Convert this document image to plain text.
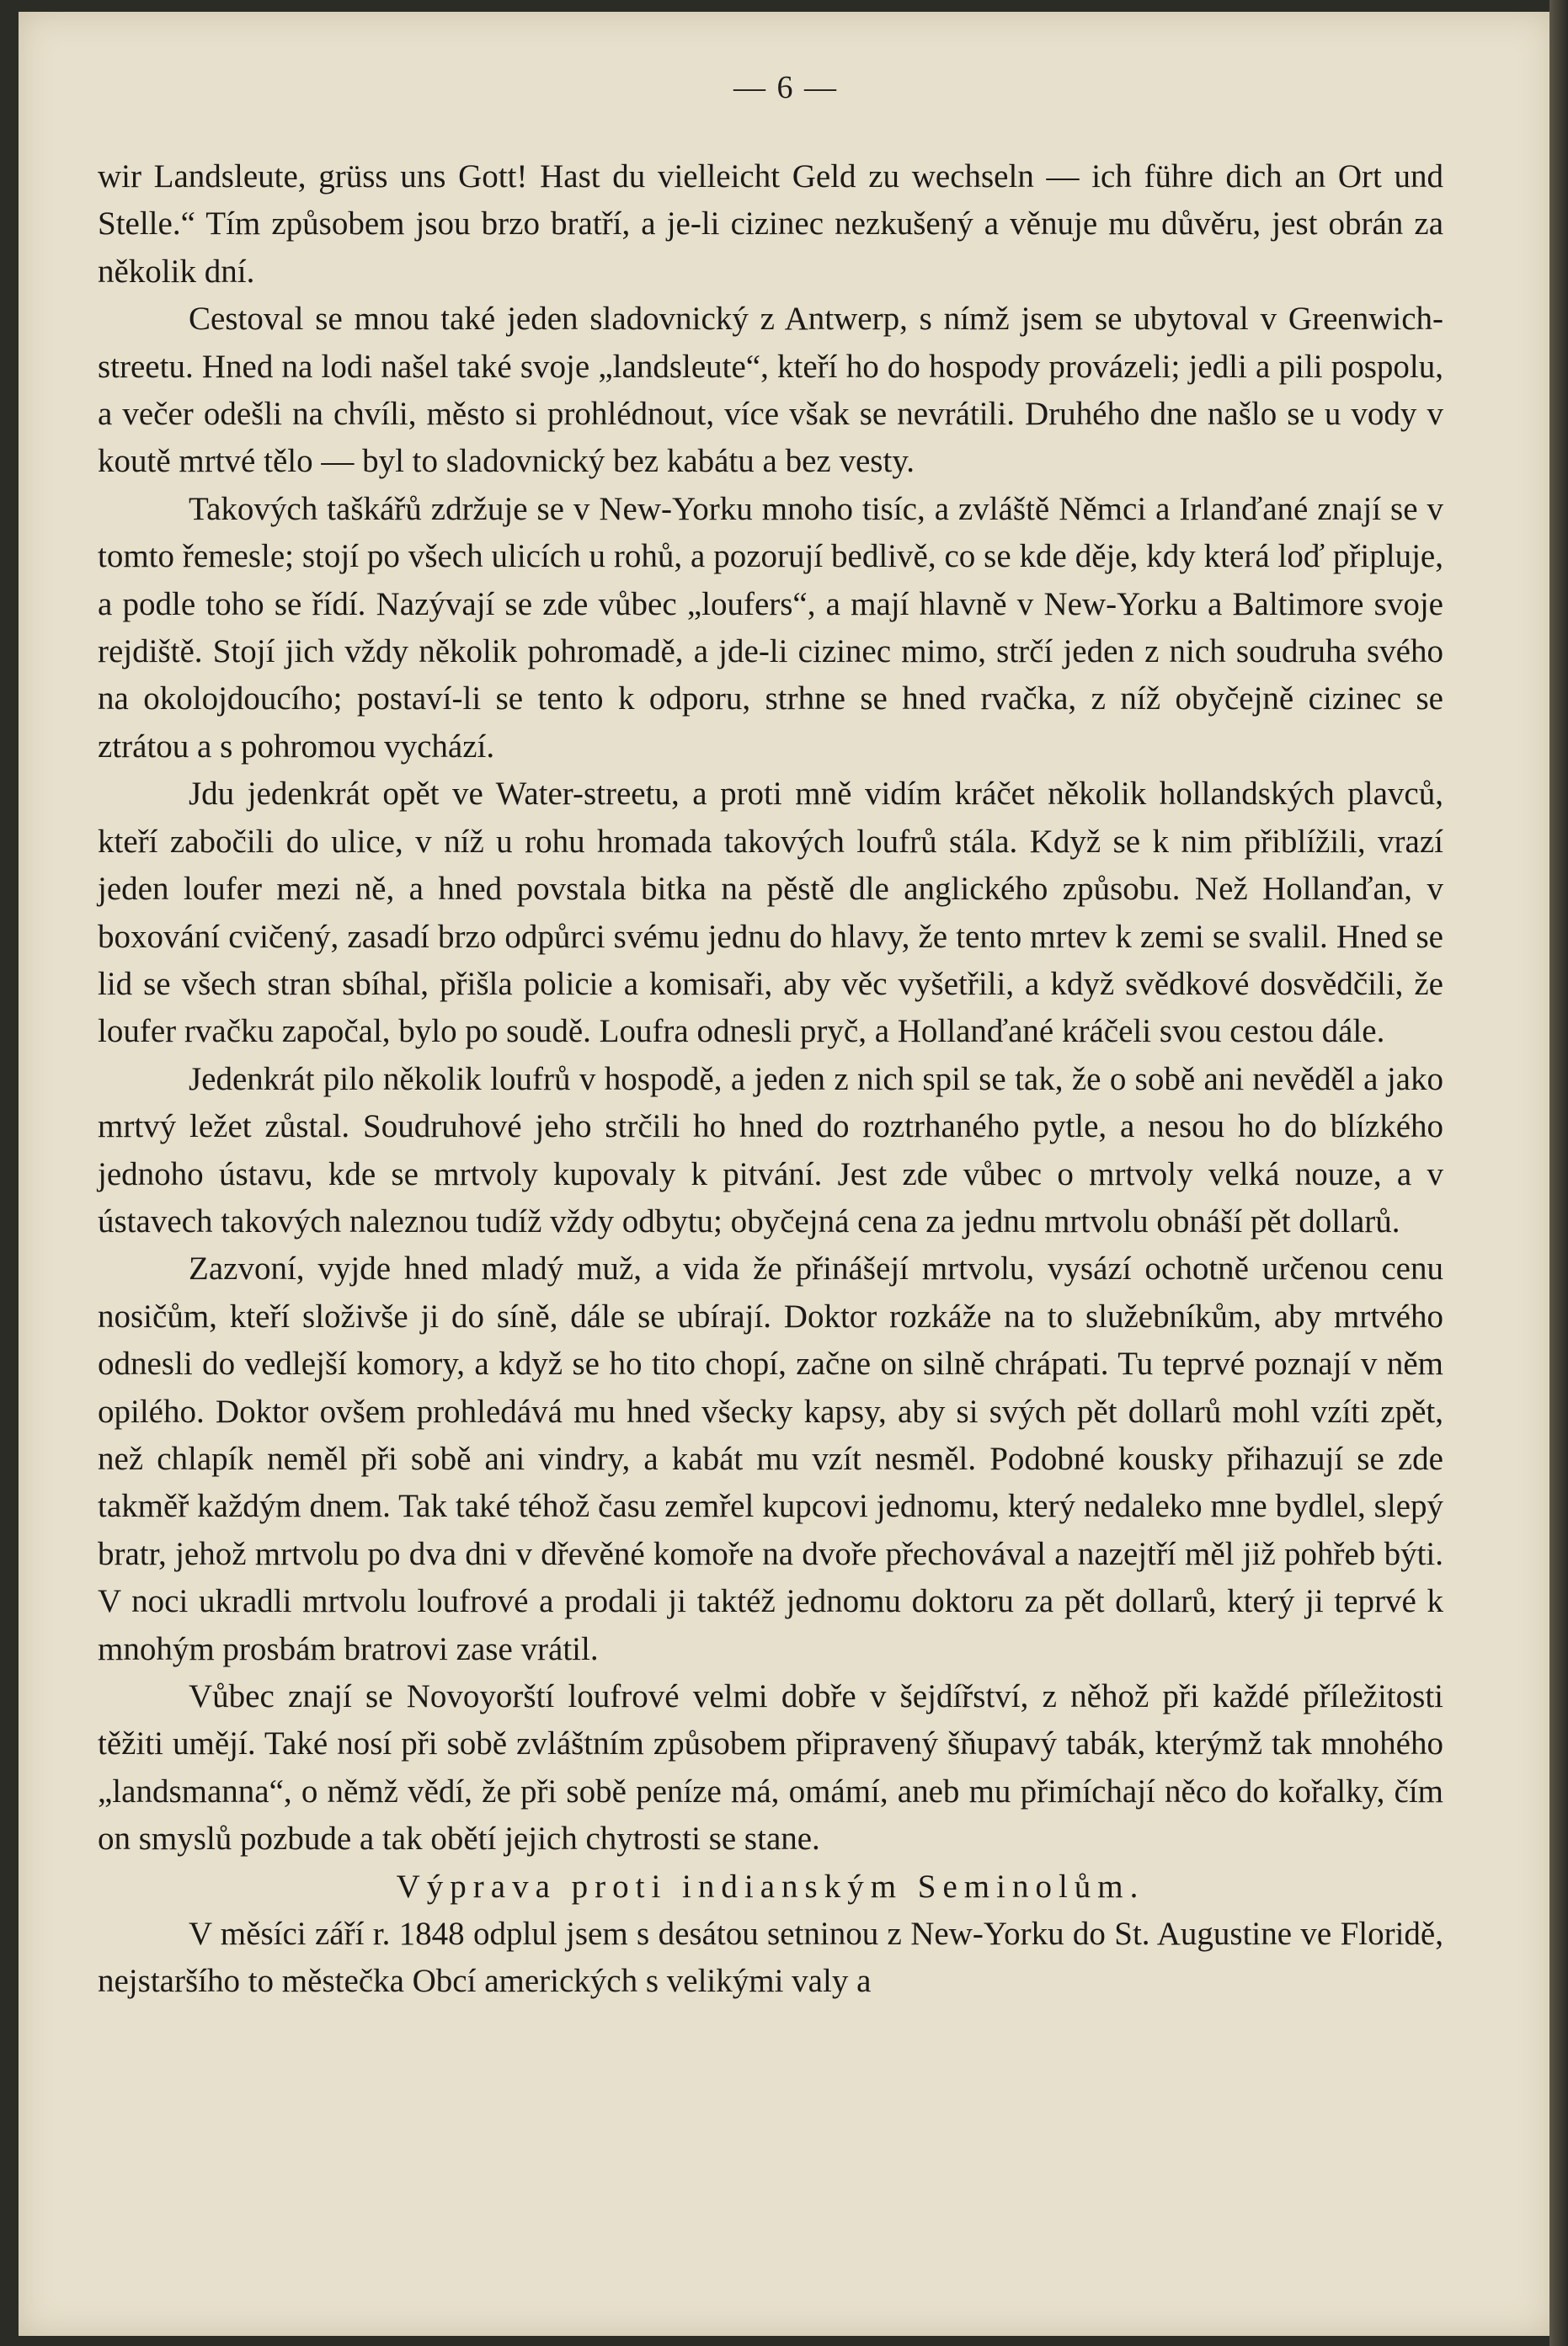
— 6 —

wir Landsleute, grüss uns Gott! Hast du vielleicht Geld zu wechseln — ich führe dich an Ort und Stelle.“ Tím způsobem jsou brzo bratří, a je-li cizinec nezkušený a věnuje mu důvěru, jest obrán za několik dní.

Cestoval se mnou také jeden sladovnický z Antwerp, s nímž jsem se ubytoval v Greenwich-streetu. Hned na lodi našel také svoje „landsleute“, kteří ho do hospody provázeli; jedli a pili pospolu, a večer odešli na chvíli, město si prohlédnout, více však se nevrátili. Druhého dne našlo se u vody v koutě mrtvé tělo — byl to sladovnický bez kabátu a bez vesty.

Takových taškářů zdržuje se v New-Yorku mnoho tisíc, a zvláště Němci a Irlanďané znají se v tomto řemesle; stojí po všech ulicích u rohů, a pozorují bedlivě, co se kde děje, kdy která loď připluje, a podle toho se řídí. Nazývají se zde vůbec „loufers“, a mají hlavně v New-Yorku a Baltimore svoje rejdiště. Stojí jich vždy několik pohromadě, a jde-li cizinec mimo, strčí jeden z nich soudruha svého na okolojdoucího; postaví-li se tento k odporu, strhne se hned rvačka, z níž obyčejně cizinec se ztrátou a s pohromou vychází.

Jdu jedenkrát opět ve Water-streetu, a proti mně vidím kráčet několik hollandských plavců, kteří zabočili do ulice, v níž u rohu hromada takových loufrů stála. Když se k nim přiblížili, vrazí jeden loufer mezi ně, a hned povstala bitka na pěstě dle anglického způsobu. Než Hollanďan, v boxování cvičený, zasadí brzo odpůrci svému jednu do hlavy, že tento mrtev k zemi se svalil. Hned se lid se všech stran sbíhal, přišla policie a komisaři, aby věc vyšetřili, a když svědkové dosvědčili, že loufer rvačku započal, bylo po soudě. Loufra odnesli pryč, a Hollanďané kráčeli svou cestou dále.

Jedenkrát pilo několik loufrů v hospodě, a jeden z nich spil se tak, že o sobě ani nevěděl a jako mrtvý ležet zůstal. Soudruhové jeho strčili ho hned do roztrhaného pytle, a nesou ho do blízkého jednoho ústavu, kde se mrtvoly kupovaly k pitvání. Jest zde vůbec o mrtvoly velká nouze, a v ústavech takových naleznou tudíž vždy odbytu; obyčejná cena za jednu mrtvolu obnáší pět dollarů.

Zazvoní, vyjde hned mladý muž, a vida že přinášejí mrtvolu, vysází ochotně určenou cenu nosičům, kteří složivše ji do síně, dále se ubírají. Doktor rozkáže na to služebníkům, aby mrtvého odnesli do vedlejší komory, a když se ho tito chopí, začne on silně chrápati. Tu teprvé poznají v něm opilého. Doktor ovšem prohledává mu hned všecky kapsy, aby si svých pět dollarů mohl vzíti zpět, než chlapík neměl při sobě ani vindry, a kabát mu vzít nesměl. Podobné kousky přihazují se zde takměř každým dnem. Tak také téhož času zemřel kupcovi jednomu, který nedaleko mne bydlel, slepý bratr, jehož mrtvolu po dva dni v dřevěné komoře na dvoře přechovával a nazejtří měl již pohřeb býti. V noci ukradli mrtvolu loufrové a prodali ji taktéž jednomu doktoru za pět dollarů, který ji teprvé k mnohým prosbám bratrovi zase vrátil.

Vůbec znají se Novoyorští loufrové velmi dobře v šejdířství, z něhož při každé příležitosti těžiti umějí. Také nosí při sobě zvláštním způsobem připravený šňupavý tabák, kterýmž tak mnohého „landsmanna“, o němž vědí, že při sobě peníze má, omámí, aneb mu přimíchají něco do kořalky, čím on smyslů pozbude a tak obětí jejich chytrosti se stane.

Výprava proti indianským Seminolům.

V měsíci září r. 1848 odplul jsem s desátou setninou z New-Yorku do St. Augustine ve Floridě, nejstaršího to městečka Obcí amerických s velikými valy a
